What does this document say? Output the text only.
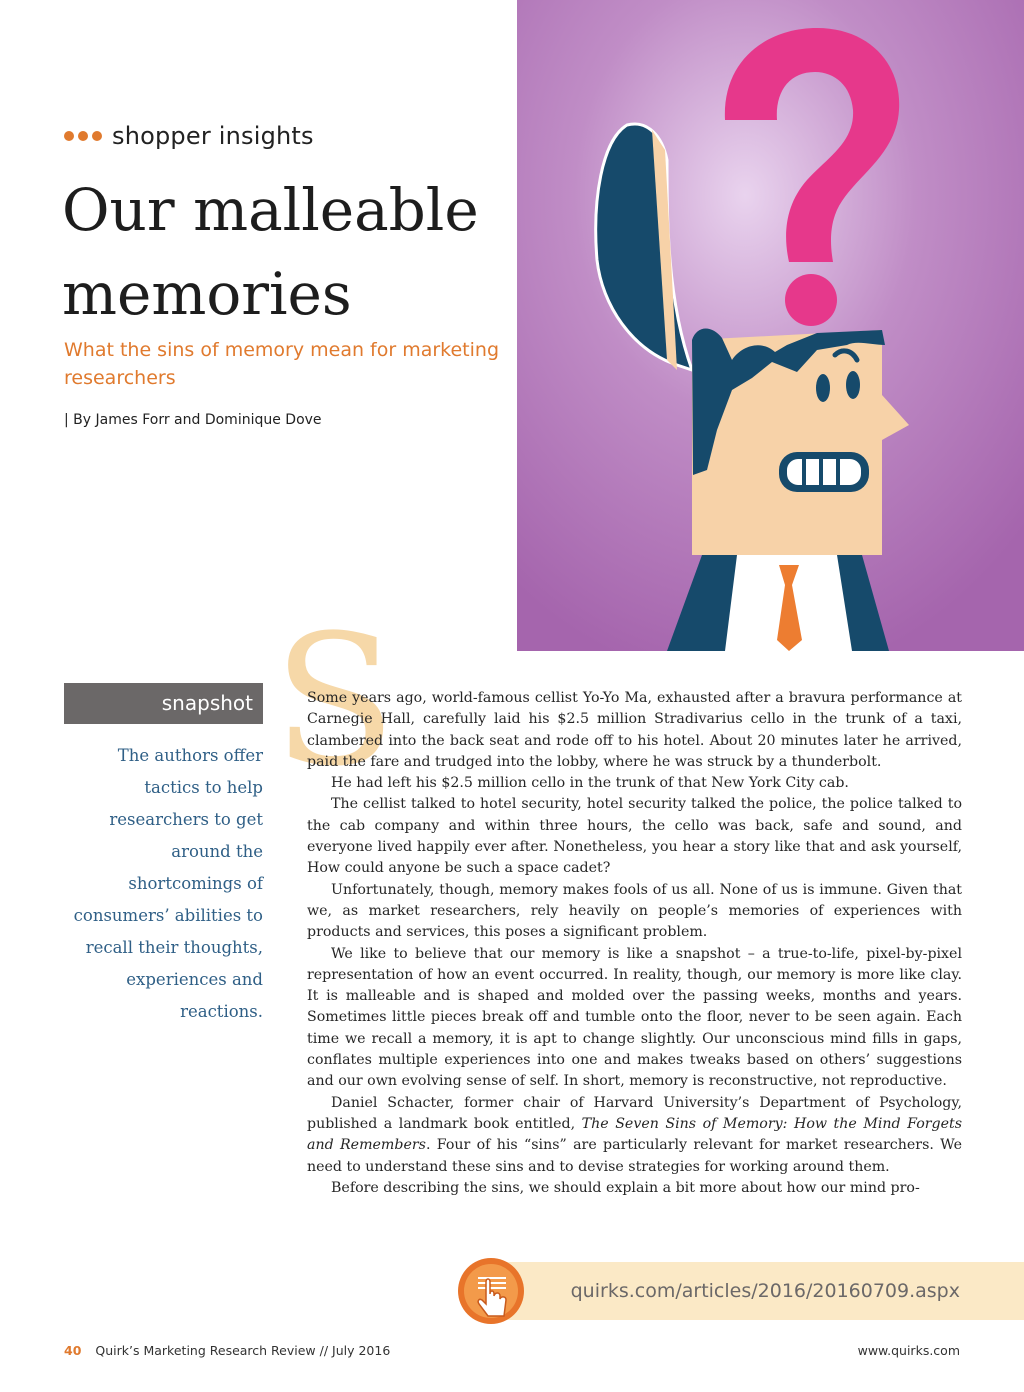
shopper insights
Our malleable
memories

What the sins of memory mean for marketing researchers

| By James Forr and Dominique Dove
snapshot

The authors offer tactics to help researchers to get around the shortcomings of consumers’ abilities to recall their thoughts, experiences and reactions.

S

Some years ago, world-famous cellist Yo-Yo Ma, exhausted after a bravura performance at Carnegie Hall, carefully laid his $2.5 million Stradivarius cello in the trunk of a taxi, clambered into the back seat and rode off to his hotel. About 20 minutes later he arrived, paid the fare and trudged into the lobby, where he was struck by a thunderbolt.

He had left his $2.5 million cello in the trunk of that New York City cab.

The cellist talked to hotel security, hotel security talked the police, the police talked to the cab company and within three hours, the cello was back, safe and sound, and everyone lived happily ever after. Nonetheless, you hear a story like that and ask yourself, How could anyone be such a space cadet?

Unfortunately, though, memory makes fools of us all. None of us is immune. Given that we, as market researchers, rely heavily on people’s memories of experiences with products and services, this poses a significant problem.

We like to believe that our memory is like a snapshot – a true-to-life, pixel-by-pixel representation of how an event occurred. In reality, though, our memory is more like clay. It is malleable and is shaped and molded over the passing weeks, months and years. Sometimes little pieces break off and tumble onto the floor, never to be seen again. Each time we recall a memory, it is apt to change slightly. Our unconscious mind fills in gaps, conflates multiple experiences into one and makes tweaks based on others’ suggestions and our own evolving sense of self. In short, memory is reconstructive, not reproductive.

Daniel Schacter, former chair of Harvard University’s Department of Psychology, published a landmark book entitled, The Seven Sins of Memory: How the Mind Forgets and Remembers. Four of his “sins” are particularly relevant for market researchers. We need to understand these sins and to devise strategies for working around them.

Before describing the sins, we should explain a bit more about how our mind pro-

quirks.com/articles/2016/20160709.aspx
40 Quirk’s Marketing Research Review // July 2016	www.quirks.com
